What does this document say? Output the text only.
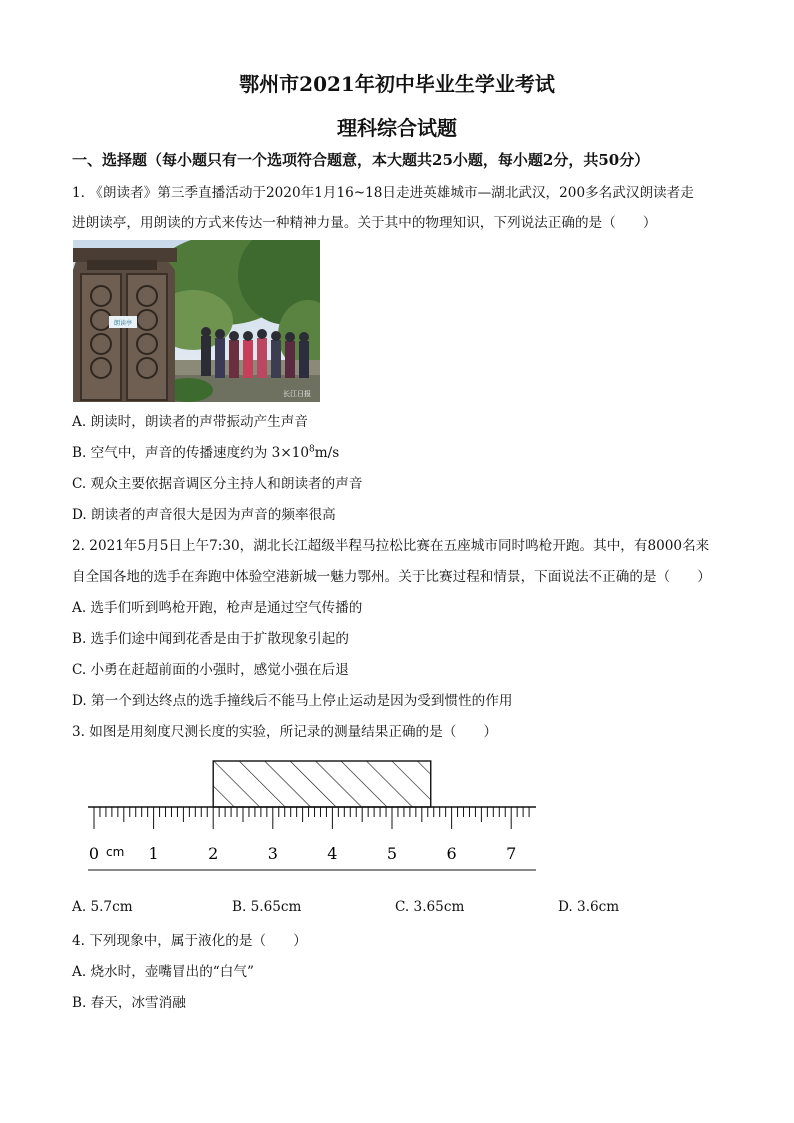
鄂州市2021年初中毕业生学业考试
理科综合试题
一、选择题（每小题只有一个选项符合题意，本大题共25小题，每小题2分，共50分）
1. 《朗读者》第三季直播活动于2020年1月16~18日走进英雄城市—湖北武汉，200多名武汉朗读者走
进朗读亭，用朗读的方式来传达一种精神力量。关于其中的物理知识，下列说法正确的是（　　）
朗读亭
长江日报
A. 朗读时，朗读者的声带振动产生声音
B. 空气中，声音的传播速度约为 $3\times 10^8m/s$
C. 观众主要依据音调区分主持人和朗读者的声音
D. 朗读者的声音很大是因为声音的频率很高
2. 2021年5月5日上午7:30，湖北长江超级半程马拉松比赛在五座城市同时鸣枪开跑。其中，有8000名来
自全国各地的选手在奔跑中体验空港新城一魅力鄂州。关于比赛过程和情景，下面说法不正确的是（　　）
A. 选手们听到鸣枪开跑，枪声是通过空气传播的
B. 选手们途中闻到花香是由于扩散现象引起的
C. 小勇在赶超前面的小强时，感觉小强在后退
D. 第一个到达终点的选手撞线后不能马上停止运动是因为受到惯性的作用
3. 如图是用刻度尺测长度的实验，所记录的测量结果正确的是（　　）
0	1	2	3	4	5	6	7
cm
A. 5.7cm	B. 5.65cm	C. 3.65cm	D. 3.6cm
4. 下列现象中，属于液化的是（　　）
A. 烧水时，壶嘴冒出的“白气”
B. 春天，冰雪消融
